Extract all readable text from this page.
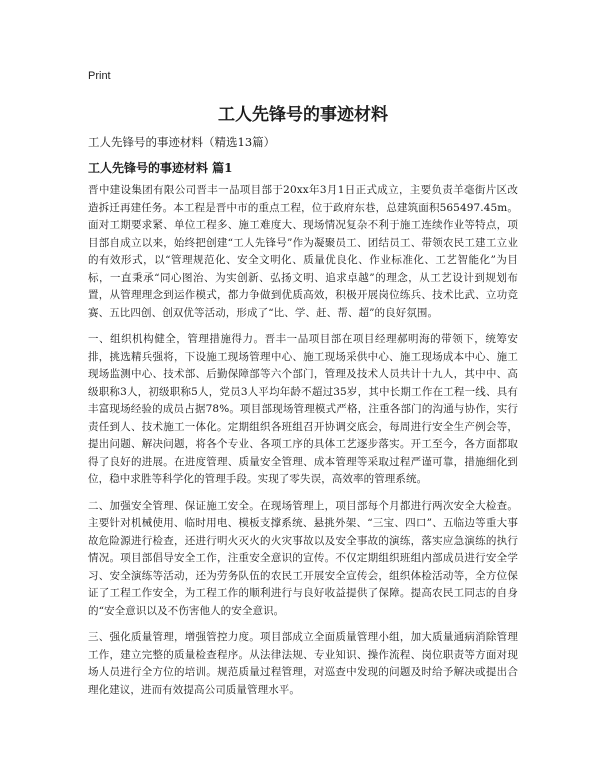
Print
工人先锋号的事迹材料

工人先锋号的事迹材料（精选13篇）

工人先锋号的事迹材料 篇1

晋中建设集团有限公司晋丰一品项目部于20xx年3月1日正式成立，主要负责羊毫街片区改造拆迁再建任务。本工程是晋中市的重点工程，位于政府东巷，总建筑面积565497.45m。面对工期要求紧、单位工程多、施工难度大、现场情况复杂不利于施工连续作业等特点，项目部自成立以来，始终把创建“工人先锋号”作为凝聚员工、团结员工、带领农民工建工立业的有效形式，以“管理规范化、安全文明化、质量优良化、作业标准化、工艺智能化”为目标，一直秉承“同心图治、为实创新、弘扬文明、追求卓越”的理念，从工艺设计到规划布置，从管理理念到运作模式，都力争做到优质高效，积极开展岗位练兵、技术比武、立功竞赛、五比四创、创双优等活动，形成了“比、学、赶、帮、超”的良好氛围。

一、组织机构健全，管理措施得力。晋丰一品项目部在项目经理郝明海的带领下，统筹安排，挑选精兵强将，下设施工现场管理中心、施工现场采供中心、施工现场成本中心、施工现场监测中心、技术部、后勤保障部等六个部门，管理及技术人员共计十九人，其中中、高级职称3人，初级职称5人，党员3人平均年龄不超过35岁，其中长期工作在工程一线、具有丰富现场经验的成员占据78%。项目部现场管理模式严格，注重各部门的沟通与协作，实行责任到人、技术施工一体化。定期组织各班组召开协调交底会，每周进行安全生产例会等，提出问题、解决问题，将各个专业、各项工序的具体工艺逐步落实。开工至今，各方面都取得了良好的进展。在进度管理、质量安全管理、成本管理等采取过程严谨可靠，措施细化到位，稳中求胜等科学化的管理手段。实现了零失误，高效率的管理系统。

二、加强安全管理、保证施工安全。在现场管理上，项目部每个月都进行两次安全大检查。主要针对机械使用、临时用电、模板支撑系统、悬挑外架、“三宝、四口”、五临边等重大事故危险源进行检查，还进行明火灭火的火灾事故以及安全事故的演练，落实应急演练的执行情况。项目部倡导安全工作，注重安全意识的宣传。不仅定期组织班组内部成员进行安全学习、安全演练等活动，还为劳务队伍的农民工开展安全宣传会，组织体检活动等，全方位保证了工程工作安全，为工程工作的顺利进行与良好收益提供了保障。提高农民工同志的自身的“安全意识以及不伤害他人的安全意识。

三、强化质量管理，增强管控力度。项目部成立全面质量管理小组，加大质量通病消除管理工作，建立完整的质量检查程序。从法律法规、专业知识、操作流程、岗位职责等方面对现场人员进行全方位的培训。规范质量过程管理，对巡查中发现的问题及时给予解决或提出合理化建议，进而有效提高公司质量管理水平。
